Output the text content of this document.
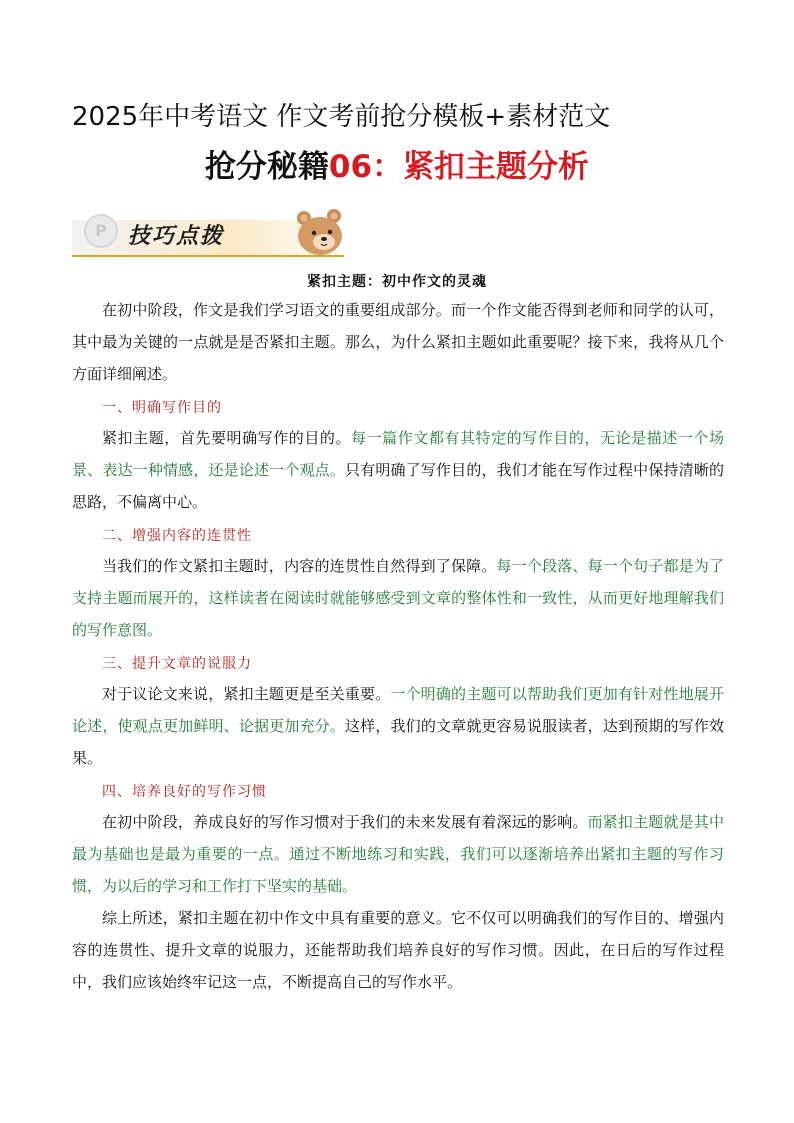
2025年中考语文 作文考前抢分模板+素材范文
抢分秘籍06：紧扣主题分析
P 技巧点拨
紧扣主题：初中作文的灵魂
在初中阶段，作文是我们学习语文的重要组成部分。而一个作文能否得到老师和同学的认可，其中最为关键的一点就是是否紧扣主题。那么，为什么紧扣主题如此重要呢？接下来，我将从几个方面详细阐述。
一、明确写作目的
紧扣主题，首先要明确写作的目的。每一篇作文都有其特定的写作目的，无论是描述一个场景、表达一种情感，还是论述一个观点。只有明确了写作目的，我们才能在写作过程中保持清晰的思路，不偏离中心。
二、增强内容的连贯性
当我们的作文紧扣主题时，内容的连贯性自然得到了保障。每一个段落、每一个句子都是为了支持主题而展开的，这样读者在阅读时就能够感受到文章的整体性和一致性，从而更好地理解我们的写作意图。
三、提升文章的说服力
对于议论文来说，紧扣主题更是至关重要。一个明确的主题可以帮助我们更加有针对性地展开论述，使观点更加鲜明、论据更加充分。这样，我们的文章就更容易说服读者，达到预期的写作效果。
四、培养良好的写作习惯
在初中阶段，养成良好的写作习惯对于我们的未来发展有着深远的影响。而紧扣主题就是其中最为基础也是最为重要的一点。通过不断地练习和实践，我们可以逐渐培养出紧扣主题的写作习惯，为以后的学习和工作打下坚实的基础。
综上所述，紧扣主题在初中作文中具有重要的意义。它不仅可以明确我们的写作目的、增强内容的连贯性、提升文章的说服力，还能帮助我们培养良好的写作习惯。因此，在日后的写作过程中，我们应该始终牢记这一点，不断提高自己的写作水平。
